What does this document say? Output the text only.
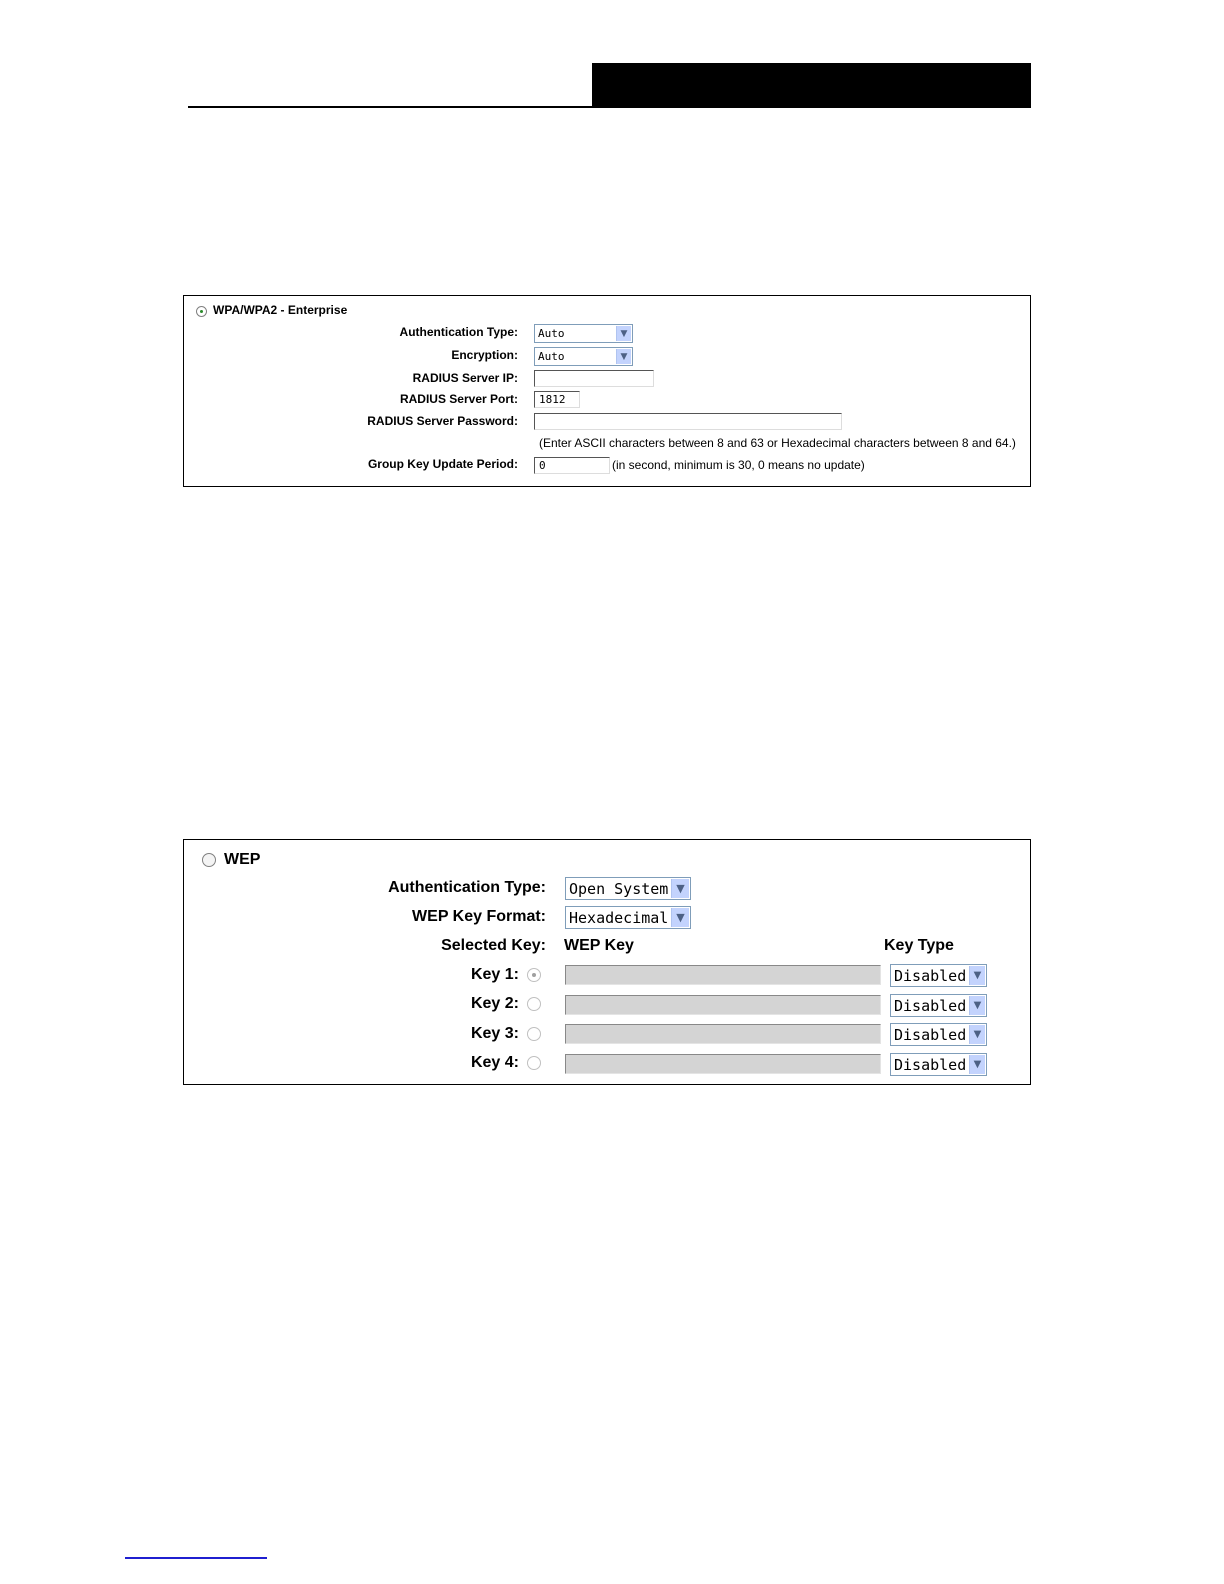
WPA/WPA2 - Enterprise
Authentication Type: Auto	▼
Encryption: Auto	▼
RADIUS Server IP:
RADIUS Server Port:	1812
RADIUS Server Password:
(Enter ASCII characters between 8 and 63 or Hexadecimal characters between 8 and 64.)
Group Key Update Period:	0	(in second, minimum is 30, 0 means no update)
WEP
Authentication Type: Open System ▼
WEP Key Format: Hexadecimal ▼
Selected Key: WEP Key	Key Type
Key 1:	Disabled ▼
Key 2:	Disabled ▼
Key 3:	Disabled ▼
Key 4:	Disabled ▼
